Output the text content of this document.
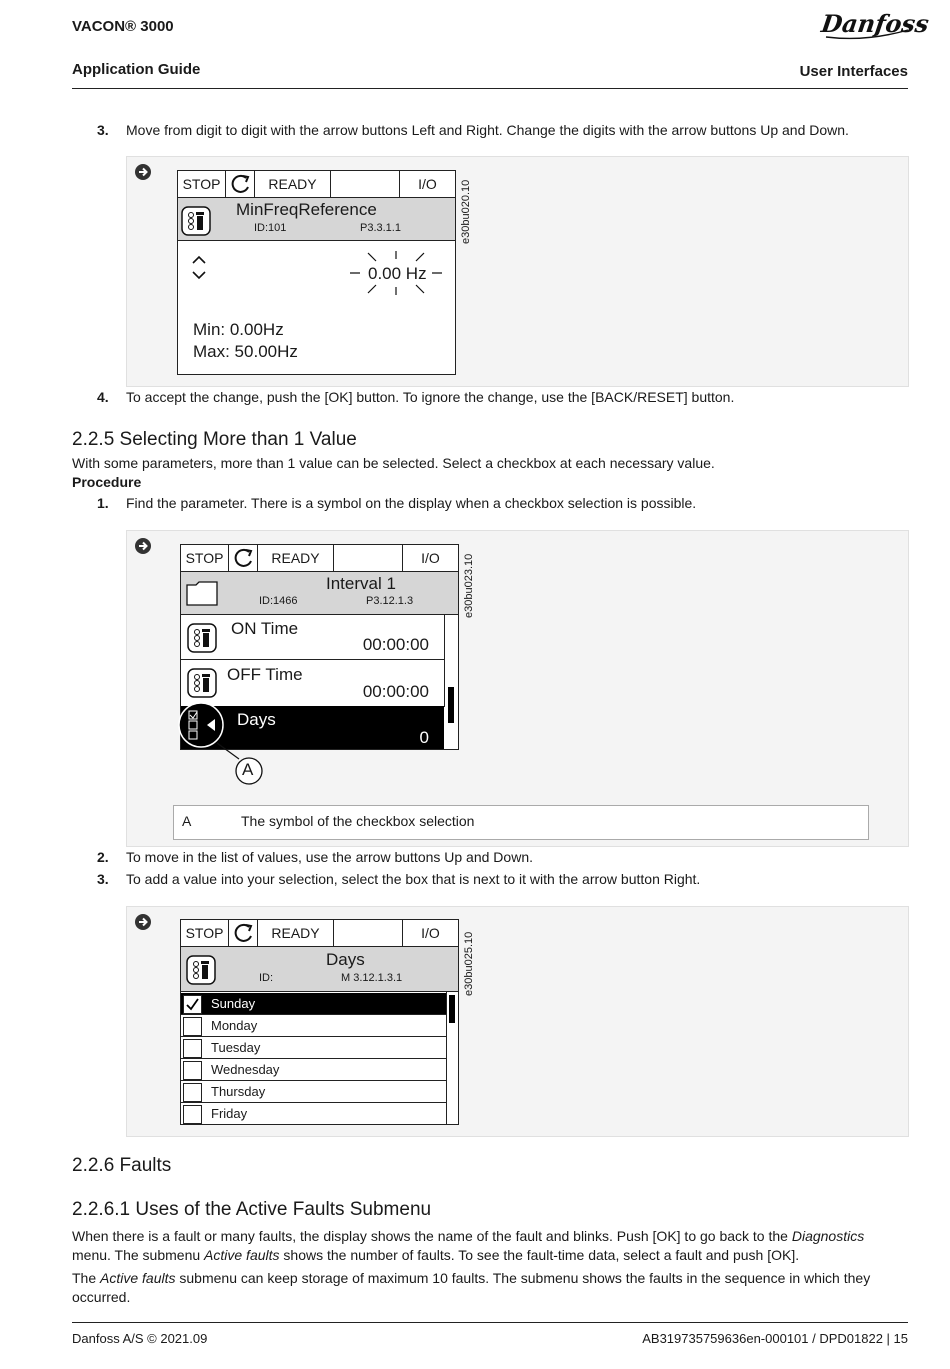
VACON® 3000
Application Guide	User Interfaces
Danfoss
3. Move from digit to digit with the arrow buttons Left and Right. Change the digits with the arrow buttons Up and Down.
STOP	READY	I/O
MinFreqReference
ID:101	P3.3.1.1
0.00 Hz
Min: 0.00Hz
Max: 50.00Hz
e30bu020.10
4. To accept the change, push the [OK] button. To ignore the change, use the [BACK/RESET] button.
2.2.5 Selecting More than 1 Value
With some parameters, more than 1 value can be selected. Select a checkbox at each necessary value.
Procedure
1. Find the parameter. There is a symbol on the display when a checkbox selection is possible.
STOP	READY	I/O
Interval 1
ID:1466	P3.12.1.3
ON Time
00:00:00
OFF Time
00:00:00
Days
0
A
e30bu023.10
A	The symbol of the checkbox selection
2. To move in the list of values, use the arrow buttons Up and Down.
3. To add a value into your selection, select the box that is next to it with the arrow button Right.
STOP	READY	I/O
Days
ID:	M 3.12.1.3.1
Sunday
Monday
Tuesday
Wednesday
Thursday
Friday
e30bu025.10
2.2.6 Faults
2.2.6.1 Uses of the Active Faults Submenu
When there is a fault or many faults, the display shows the name of the fault and blinks. Push [OK] to go back to the Diagnostics menu. The submenu Active faults shows the number of faults. To see the fault-time data, select a fault and push [OK].
The Active faults submenu can keep storage of maximum 10 faults. The submenu shows the faults in the sequence in which they occurred.
Danfoss A/S © 2021.09	AB319735759636en-000101 / DPD01822 | 15
